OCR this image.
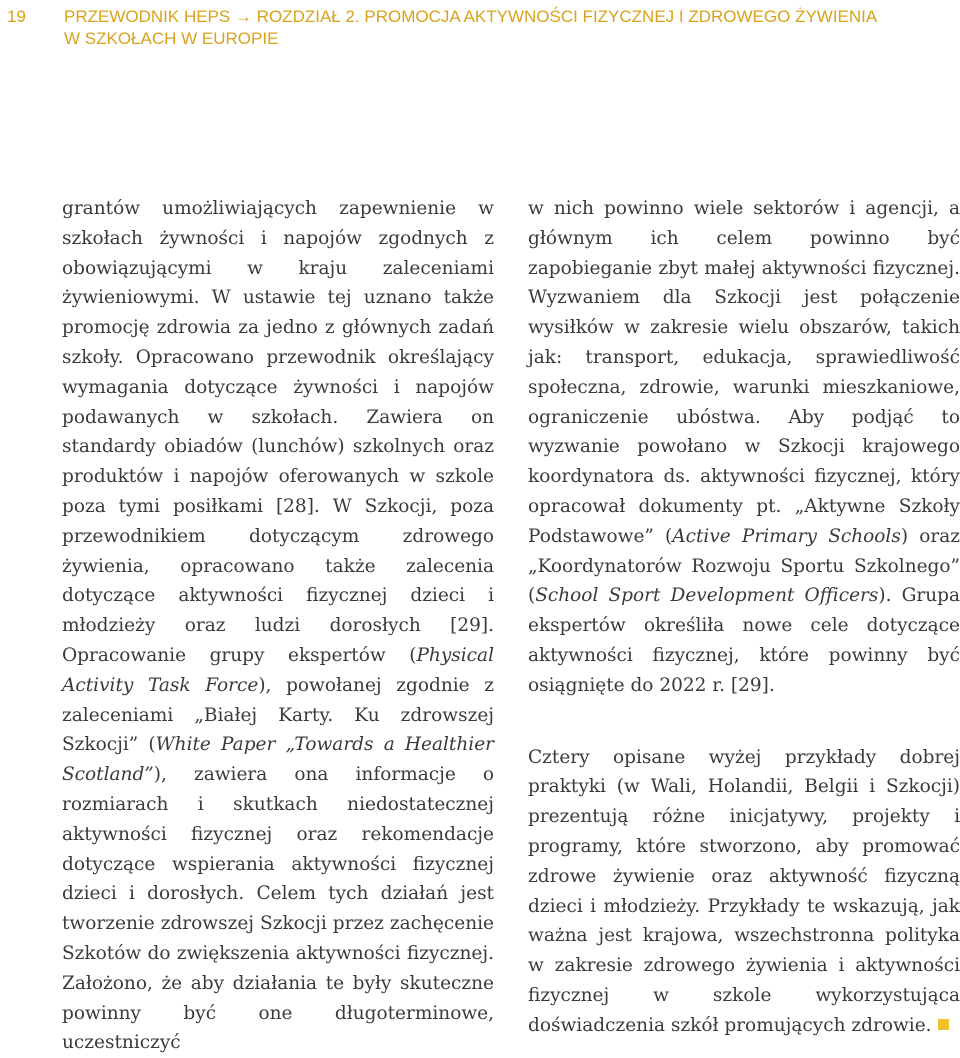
19 PRZEWODNIK HEPS → ROZDZIAŁ 2. PROMOCJA AKTYWNOŚCI FIZYCZNEJ I ZDROWEGO ŻYWIENIA
W SZKOŁACH W EUROPIE

grantów umożliwiających zapewnienie w szkołach żywności i napojów zgodnych z obowiązującymi w kraju zaleceniami żywieniowymi. W ustawie tej uznano także promocję zdrowia za jedno z głównych zadań szkoły. Opracowano przewodnik określający wymagania dotyczące żywności i napojów podawanych w szkołach. Zawiera on standardy obiadów (lunchów) szkolnych oraz produktów i napojów oferowanych w szkole poza tymi posiłkami [28]. W Szkocji, poza przewodnikiem dotyczącym zdrowego żywienia, opracowano także zalecenia dotyczące aktywności fizycznej dzieci i młodzieży oraz ludzi dorosłych [29]. Opracowanie grupy ekspertów (Physical Activity Task Force), powołanej zgodnie z zaleceniami „Białej Karty. Ku zdrowszej Szkocji” (White Paper „Towards a Healthier Scotland”), zawiera ona informacje o rozmiarach i skutkach niedostatecznej aktywności fizycznej oraz rekomendacje dotyczące wspierania aktywności fizycznej dzieci i dorosłych. Celem tych działań jest tworzenie zdrowszej Szkocji przez zachęcenie Szkotów do zwiększenia aktywności fizycznej. Założono, że aby działania te były skuteczne powinny być one długoterminowe, uczestniczyć

w nich powinno wiele sektorów i agencji, a głównym ich celem powinno być zapobieganie zbyt małej aktywności fizycznej. Wyzwaniem dla Szkocji jest połączenie wysiłków w zakresie wielu obszarów, takich jak: transport, edukacja, sprawiedliwość społeczna, zdrowie, warunki mieszkaniowe, ograniczenie ubóstwa. Aby podjąć to wyzwanie powołano w Szkocji krajowego koordynatora ds. aktywności fizycznej, który opracował dokumenty pt. „Aktywne Szkoły Podstawowe” (Active Primary Schools) oraz „Koordynatorów Rozwoju Sportu Szkolnego” (School Sport Development Officers). Grupa ekspertów określiła nowe cele dotyczące aktywności fizycznej, które powinny być osiągnięte do 2022 r. [29].

Cztery opisane wyżej przykłady dobrej praktyki (w Wali, Holandii, Belgii i Szkocji) prezentują różne inicjatywy, projekty i programy, które stworzono, aby promować zdrowe żywienie oraz aktywność fizyczną dzieci i młodzieży. Przykłady te wskazują, jak ważna jest krajowa, wszechstronna polityka w zakresie zdrowego żywienia i aktywności fizycznej w szkole wykorzystująca doświadczenia szkół promujących zdrowie.
